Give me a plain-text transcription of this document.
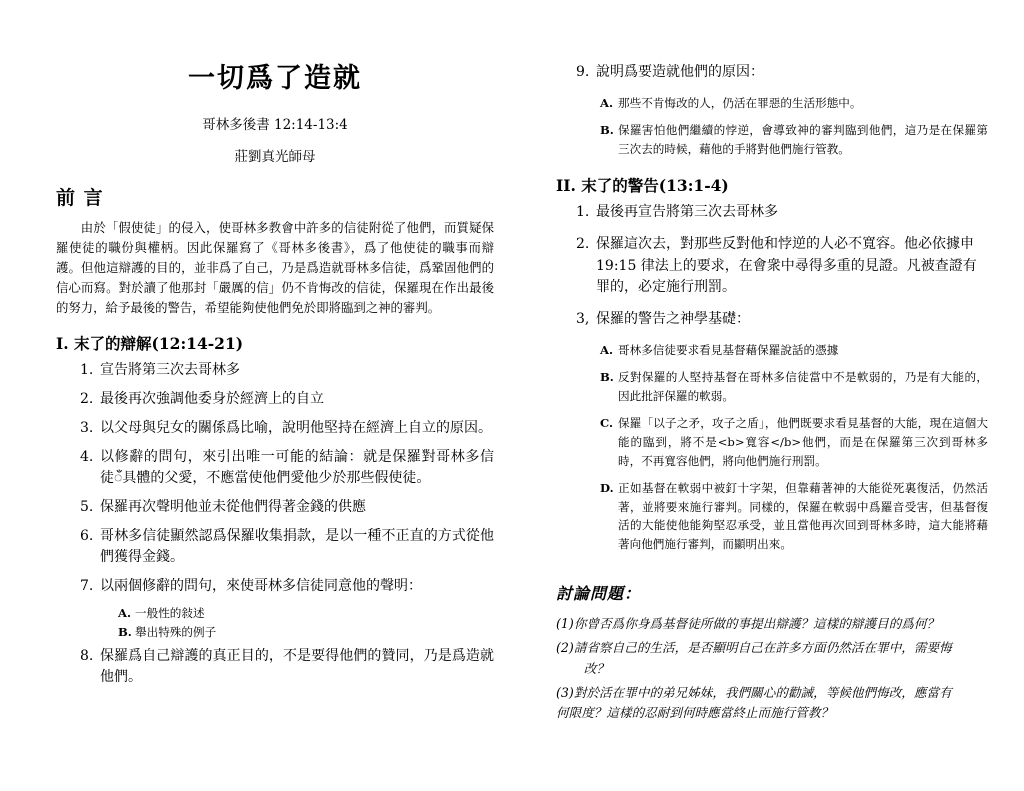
一切爲了造就
哥林多後書 12:14-13:4
莊劉真光師母
前 言

由於「假使徒」的侵入，使哥林多教會中許多的信徒附從了他們，而質疑保羅使徒的職份與權柄。因此保羅寫了《哥林多後書》，爲了他使徒的職事而辯護。但他這辯護的目的，並非爲了自己，乃是爲造就哥林多信徒，爲鞏固他們的信心而寫。對於讀了他那封「嚴厲的信」仍不肯悔改的信徒，保羅現在作出最後的努力，給予最後的警告，希望能夠使他們免於即將臨到之神的審判。

I. 末了的辯解(12:14-21)
1. 宣告將第三次去哥林多
2. 最後再次強調他委身於經濟上的自立
3. 以父母與兒女的關係爲比喻，說明他堅持在經濟上自立的原因。
4. 以修辭的問句，來引出唯一可能的結論：就是保羅對哥林多信徒ँ具體的父愛，不應當使他們愛他少於那些假使徒。
5. 保羅再次聲明他並未從他們得著金錢的供應
6. 哥林多信徒顯然認爲保羅收集捐款，是以一種不正直的方式從他們獲得金錢。
7. 以兩個修辭的問句，來使哥林多信徒同意他的聲明：
A. 一般性的敍述
B. 舉出特殊的例子
8. 保羅爲自己辯護的真正目的，不是要得他們的贊同，乃是爲造就他們。
9. 說明爲要造就他們的原因：
A. 那些不肯悔改的人，仍活在罪惡的生活形態中。
B. 保羅害怕他們繼續的悖逆，會導致神的審判臨到他們，這乃是在保羅第三次去的時候，藉他的手將對他們施行管教。
II. 末了的警告(13:1-4)
1. 最後再宣告將第三次去哥林多
2. 保羅這次去，對那些反對他和悖逆的人必不寬容。他必依據申 19:15 律法上的要求，在會衆中尋得多重的見證。凡被查證有罪的，必定施行刑罰。
3, 保羅的警告之神學基礎：
A. 哥林多信徒要求看見基督藉保羅說話的憑據
B. 反對保羅的人堅持基督在哥林多信徒當中不是軟弱的，乃是有大能的，因此批評保羅的軟弱。
C. 保羅「以子之矛，攻子之盾」，他們既要求看見基督的大能，現在這個大能的臨到，將不是<b>寬容</b>他們，而是在保羅第三次到哥林多時，不再寬容他們，將向他們施行刑罰。
D. 正如基督在軟弱中被釘十字架，但靠藉著神的大能從死裏復活，仍然活著，並將要來施行審判。同樣的，保羅在軟弱中爲羅音受害，但基督復活的大能使他能夠堅忍承受，並且當他再次回到哥林多時，這大能將藉著向他們施行審判，而顯明出來。
討論問題：
(1)你曾否爲你身爲基督徒所做的事提出辯護？這樣的辯護目的爲何？
(2)請省察自己的生活，是否顯明自己在許多方面仍然活在罪中，需要悔
改？
(3)對於活在罪中的弟兄姊妹，我們關心的勸誡，等候他們悔改，應當有
何限度？這樣的忍耐到何時應當終止而施行管教？
